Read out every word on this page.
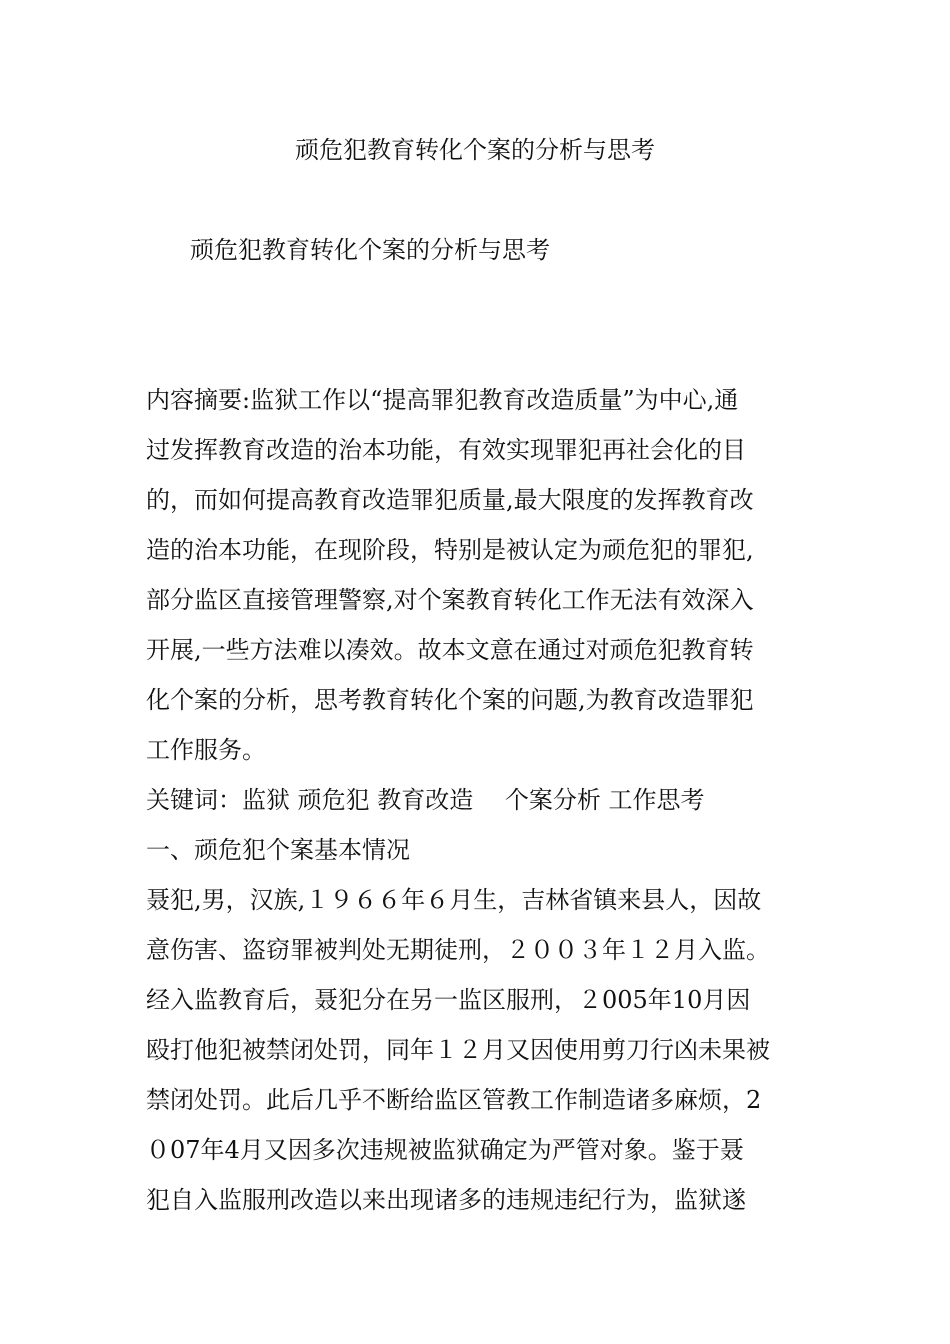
顽危犯教育转化个案的分析与思考
顽危犯教育转化个案的分析与思考
内容摘要:监狱工作以“提高罪犯教育改造质量”为中心,通
过发挥教育改造的治本功能，有效实现罪犯再社会化的目
的，而如何提高教育改造罪犯质量,最大限度的发挥教育改
造的治本功能，在现阶段，特别是被认定为顽危犯的罪犯,
部分监区直接管理警察,对个案教育转化工作无法有效深入
开展,一些方法难以凑效。故本文意在通过对顽危犯教育转
化个案的分析，思考教育转化个案的问题,为教育改造罪犯
工作服务。
关键词：监狱 顽危犯 教育改造　 个案分析 工作思考
一、顽危犯个案基本情况
聂犯,男，汉族,１９６６年６月生，吉林省镇来县人，因故
意伤害、盗窃罪被判处无期徒刑，２００３年１２月入监。
经入监教育后，聂犯分在另一监区服刑，２005年10月因
殴打他犯被禁闭处罚，同年１２月又因使用剪刀行凶未果被
禁闭处罚。此后几乎不断给监区管教工作制造诸多麻烦，2
０07年4月又因多次违规被监狱确定为严管对象。鉴于聂
犯自入监服刑改造以来出现诸多的违规违纪行为，监狱遂
